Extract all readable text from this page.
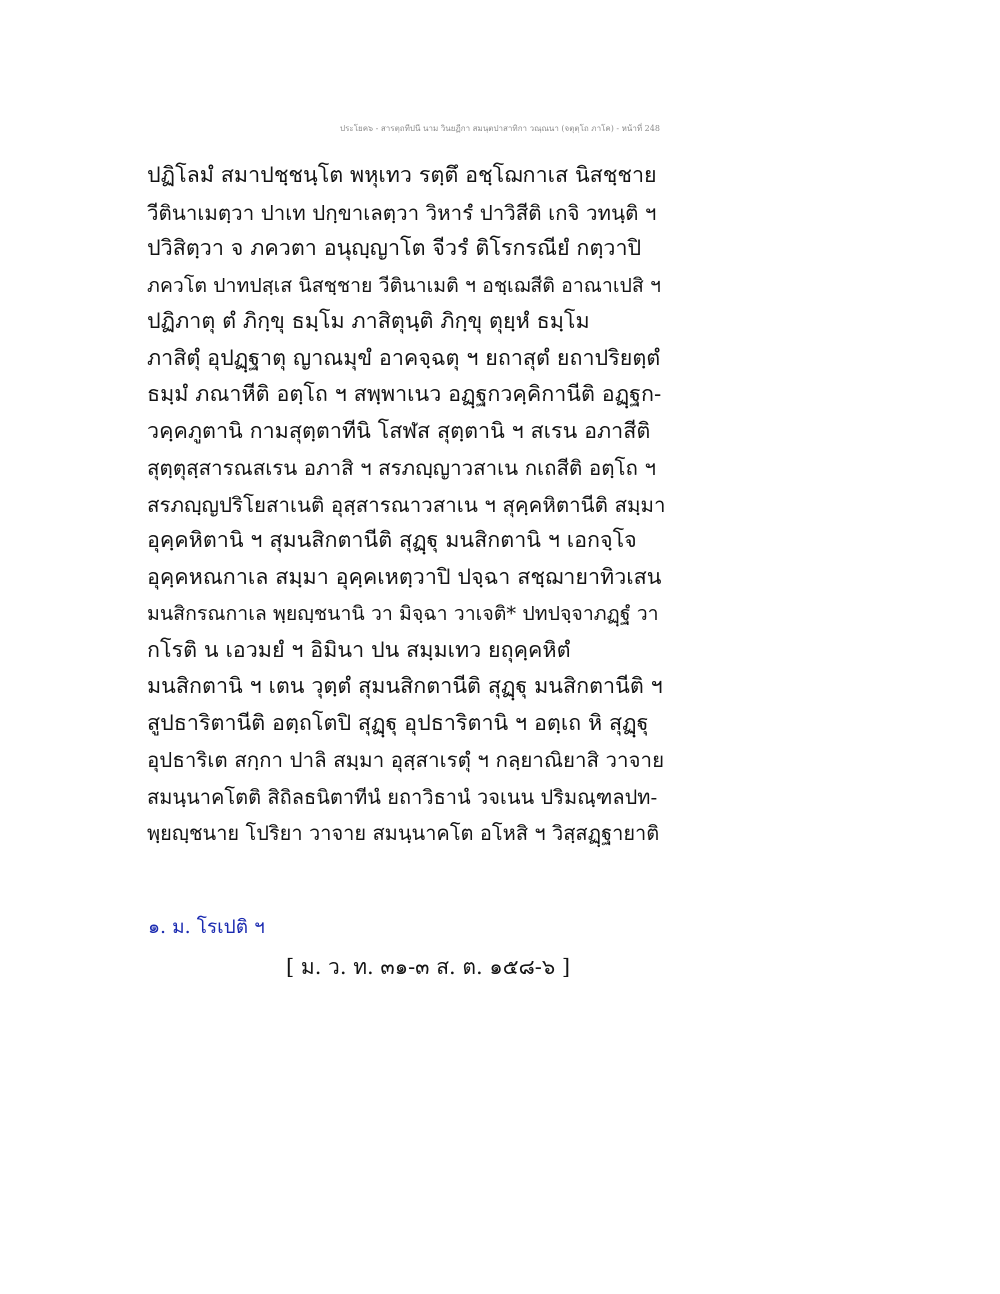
ประโยค๖ - สารตฺถทีปนี นาม วินยฏีกา สมนฺตปาสาทิกา วณฺณนา (จตุตฺโถ ภาโค) - หน้าที่ 248
ปฏิโลมํ สมาปชฺชนฺโต พหุเทว รตฺตึ อชฺโฌกาเส นิสชฺชาย
วีตินาเมตฺวา ปาเท ปกฺขาเลตฺวา วิหารํ ปาวิสีติ เกจิ วทนฺติ ฯ
ปวิสิตฺวา จ ภควตา อนุญฺญาโต จีวรํ ติโรกรณียํ กตฺวาปิ
ภควโต ปาทปสฺเส นิสชฺชาย วีตินาเมติ ฯ อชฺเฌสีติ อาณาเปสิ ฯ
ปฏิภาตุ ตํ ภิกฺขุ ธมฺโม ภาสิตุนฺติ ภิกฺขุ ตุยฺหํ ธมฺโม
ภาสิตุํ อุปฏฺฐาตุ ญาณมุขํ อาคจฺฉตุ ฯ ยถาสุตํ ยถาปริยตฺตํ
ธมฺมํ ภณาหีติ อตฺโถ ฯ สพฺพาเนว อฏฺฐกวคฺคิกานีติ อฏฺฐก-
วคฺคภูตานิ กามสุตฺตาทีนิ โสฬส สุตฺตานิ ฯ สเรน อภาสีติ
สุตฺตุสฺสารณสเรน อภาสิ ฯ สรภญฺญาวสาเน กเถสีติ อตฺโถ ฯ
สรภญฺญปริโยสาเนติ อุสฺสารณาวสาเน ฯ สุคฺคหิตานีติ สมฺมา
อุคฺคหิตานิ ฯ สุมนสิกตานีติ สุฏฺฐุ มนสิกตานิ ฯ เอกจฺโจ
อุคฺคหณกาเล สมฺมา อุคฺคเหตฺวาปิ ปจฺฉา สชฺฌายาทิวเสน
มนสิกรณกาเล พฺยญฺชนานิ วา มิจฺฉา วาเจติ* ปทปจฺจาภฏฺฐํ วา
กโรติ น เอวมยํ ฯ อิมินา ปน สมฺมเทว ยถุคฺคหิตํ
มนสิกตานิ ฯ เตน วุตฺตํ สุมนสิกตานีติ สุฏฺฐุ มนสิกตานีติ ฯ
สูปธาริตานีติ อตฺถโตปิ สุฏฺฐุ อุปธาริตานิ ฯ อตฺเถ หิ สุฏฺฐุ
อุปธาริเต สกฺกา ปาลิ สมฺมา อุสฺสาเรตุํ ฯ กลฺยาณิยาสิ วาจาย
สมนฺนาคโตติ สิถิลธนิตาทีนํ ยถาวิธานํ วจเนน ปริมณฺฑลปท-
พฺยญฺชนาย โปริยา วาจาย สมนฺนาคโต อโหสิ ฯ วิสฺสฏฺฐายาติ
๑. ม. โรเปติ ฯ
[ ม. ว. ท. ๓๑-๓ ส. ต. ๑๕๘-๖ ]
